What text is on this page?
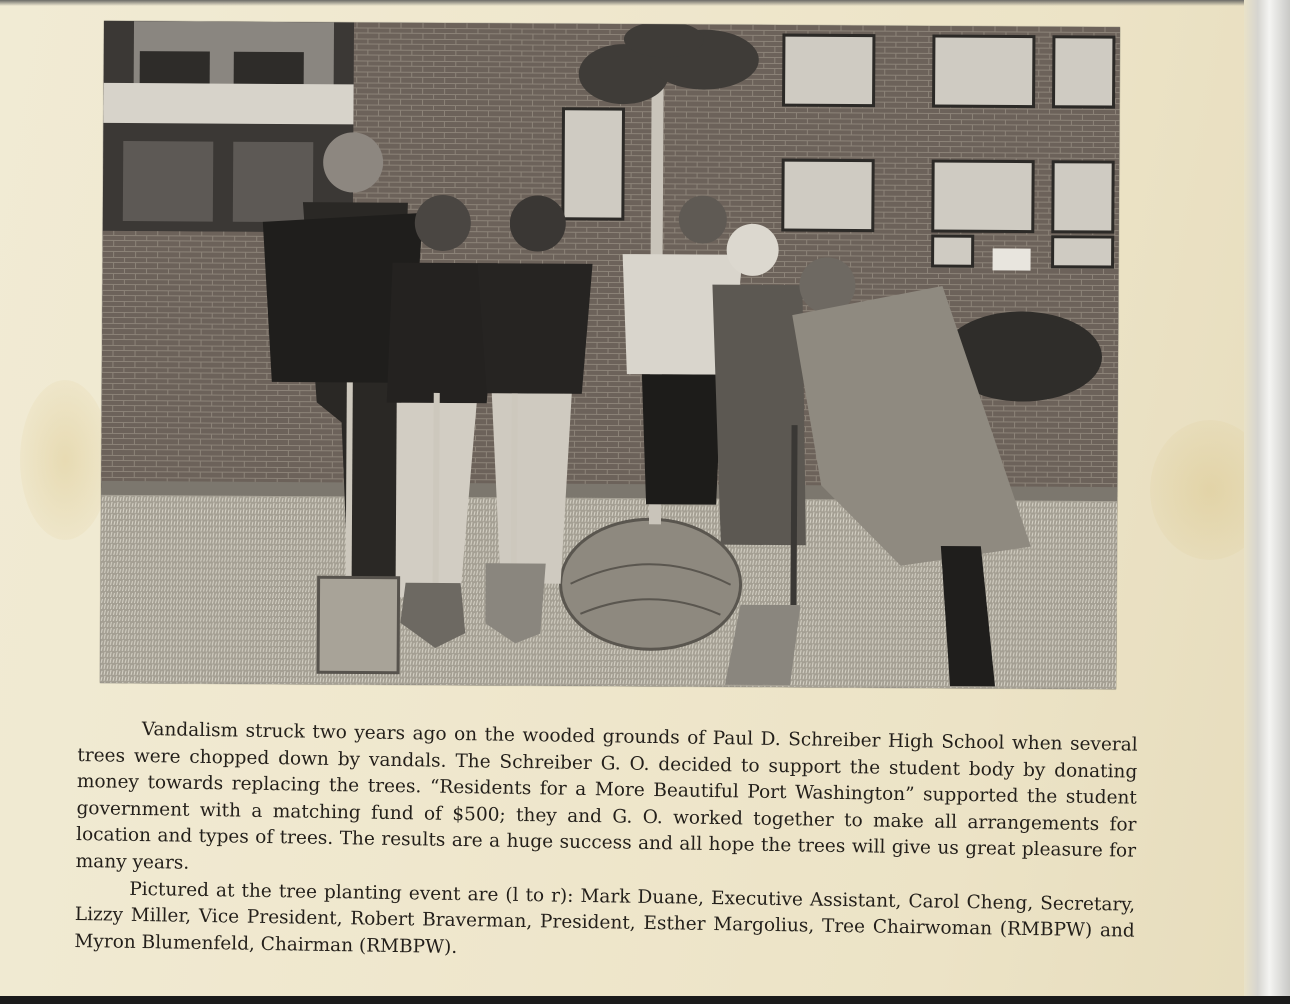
Vandalism struck two years ago on the wooded grounds of Paul D. Schreiber High School when several trees were chopped down by vandals. The Schreiber G. O. decided to support the student body by donating money towards replacing the trees. “Residents for a More Beautiful Port Washington” supported the student government with a matching fund of $500; they and G. O. worked together to make all arrangements for location and types of trees. The results are a huge success and all hope the trees will give us great pleasure for many years.

Pictured at the tree planting event are (l to r): Mark Duane, Executive Assistant, Carol Cheng, Secretary, Lizzy Miller, Vice President, Robert Braverman, President, Esther Margolius, Tree Chairwoman (RMBPW) and Myron Blumenfeld, Chairman (RMBPW).
